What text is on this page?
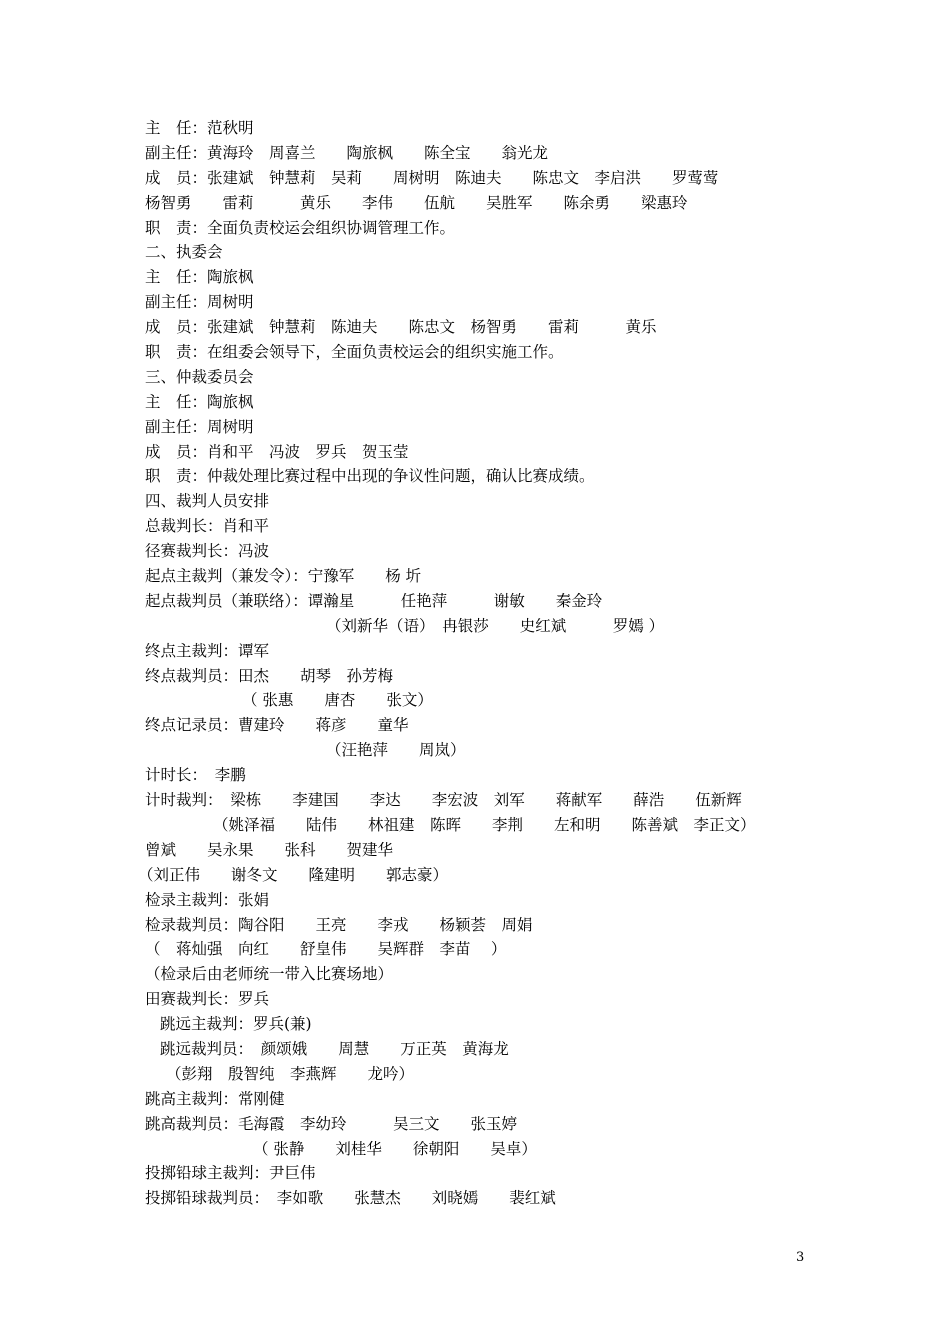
主　任：范秋明
副主任：黄海玲　周喜兰　　陶旅枫　　陈全宝　　翁光龙
成　员：张建斌　钟慧莉　吴莉　　周树明　陈迪夫　　陈忠文　李启洪　　罗莺莺
杨智勇　　雷莉　　　黄乐　　李伟　　伍航　　吴胜军　　陈余勇　　梁惠玲
职　责：全面负责校运会组织协调管理工作。
二、执委会
主　任：陶旅枫
副主任：周树明
成　员：张建斌　钟慧莉　陈迪夫　　陈忠文　杨智勇　　雷莉　　　黄乐
职　责：在组委会领导下，全面负责校运会的组织实施工作。
三、仲裁委员会
主　任：陶旅枫
副主任：周树明
成　员：肖和平　冯波　罗兵　贺玉莹
职　责：仲裁处理比赛过程中出现的争议性问题，确认比赛成绩。
四、裁判人员安排
总裁判长：肖和平
径赛裁判长：冯波
起点主裁判（兼发令）：宁豫军　　杨 圻
起点裁判员（兼联络）：谭瀚星　　　任艳萍　　　谢敏　　秦金玲
（刘新华（语）　冉银莎　　史红斌　　　罗嫣 ）
终点主裁判：谭军
终点裁判员：田杰　　胡琴　孙芳梅
（ 张惠　　唐杏　　张文）
终点记录员：曹建玲　　蒋彦　　童华
（汪艳萍　　周岚）
计时长：　李鹏
计时裁判：　梁栋　　李建国　　李达　　李宏波　刘军　　蒋献军　　薛浩　　伍新辉
（姚泽福　　陆伟　　林祖建　陈晖　　李荆　　左和明　　陈善斌　李正文）
曾斌　　吴永果　　张科　　贺建华
（刘正伟　　谢冬文　　隆建明　　郭志豪）
检录主裁判：张娟
检录裁判员：陶谷阳　　王亮　　李戎　　杨颖荟　周娟
（　蒋灿强　向红　　舒皇伟　　吴辉群　李苗　 ）
（检录后由老师统一带入比赛场地）
田赛裁判长：罗兵
跳远主裁判：罗兵(兼)
跳远裁判员：　颜颂娥　　周慧　　万正英　黄海龙
（彭翔　殷智纯　李燕辉　　龙吟）
跳高主裁判：常刚健
跳高裁判员：毛海霞　李幼玲　　　吴三文　　张玉婷
（ 张静　　刘桂华　　徐朝阳　　吴卓）
投掷铅球主裁判：尹巨伟
投掷铅球裁判员：　李如歌　　张慧杰　　刘晓嫣　　裴红斌
3
